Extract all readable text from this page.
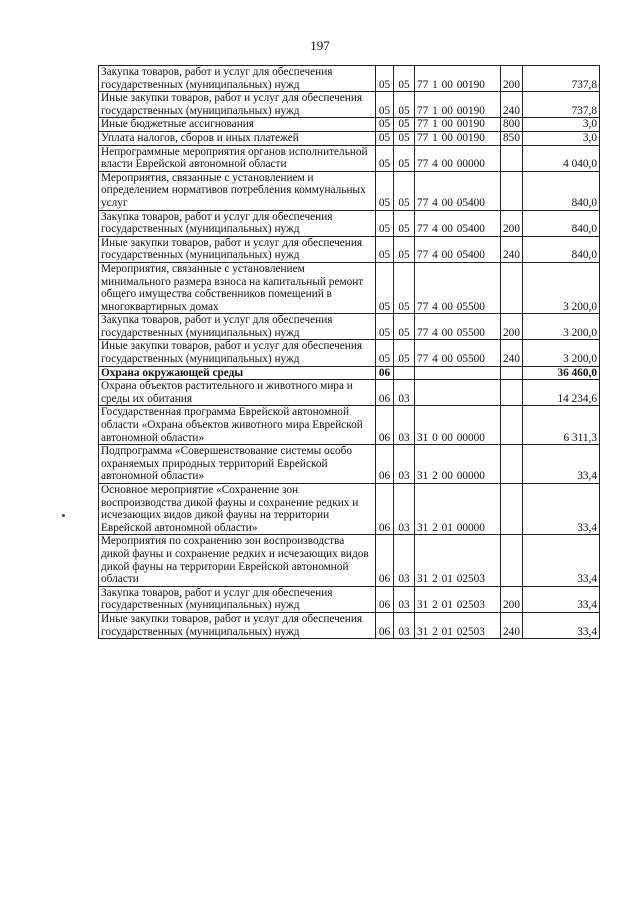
197
Закупка товаров, работ и услуг для обеспечения государственных (муниципальных) нужд	05	05	77 1 00 00190	200	737,8
Иные закупки товаров, работ и услуг для обеспечения государственных (муниципальных) нужд	05	05	77 1 00 00190	240	737,8
Иные бюджетные ассигнования	05	05	77 1 00 00190	800	3,0
Уплата налогов, сборов и иных платежей	05	05	77 1 00 00190	850	3,0
Непрограммные мероприятия органов исполнительной власти Еврейской автономной области	05	05	77 4 00 00000		4 040,0
Мероприятия, связанные с установлением и определением нормативов потребления коммунальных услуг	05	05	77 4 00 05400		840,0
Закупка товаров, работ и услуг для обеспечения государственных (муниципальных) нужд	05	05	77 4 00 05400	200	840,0
Иные закупки товаров, работ и услуг для обеспечения государственных (муниципальных) нужд	05	05	77 4 00 05400	240	840,0
Мероприятия, связанные с установлением минимального размера взноса на капитальный ремонт общего имущества собственников помещений в многоквартирных домах	05	05	77 4 00 05500		3 200,0
Закупка товаров, работ и услуг для обеспечения государственных (муниципальных) нужд	05	05	77 4 00 05500	200	3 200,0
Иные закупки товаров, работ и услуг для обеспечения государственных (муниципальных) нужд	05	05	77 4 00 05500	240	3 200,0
Охрана окружающей среды	06				36 460,0
Охрана объектов растительного и животного мира и среды их обитания	06	03			14 234,6
Государственная программа Еврейской автономной области «Охрана объектов животного мира Еврейской автономной области»	06	03	31 0 00 00000		6 311,3
Подпрограмма «Совершенствование системы особо охраняемых природных территорий Еврейской автономной области»	06	03	31 2 00 00000		33,4
Основное мероприятие «Сохранение зон воспроизводства дикой фауны и сохранение редких и исчезающих видов дикой фауны на территории Еврейской автономной области»	06	03	31 2 01 00000		33,4
Мероприятия по сохранению зон воспроизводства дикой фауны и сохранение редких и исчезающих видов дикой фауны на территории Еврейской автономной области	06	03	31 2 01 02503		33,4
Закупка товаров, работ и услуг для обеспечения государственных (муниципальных) нужд	06	03	31 2 01 02503	200	33,4
Иные закупки товаров, работ и услуг для обеспечения государственных (муниципальных) нужд	06	03	31 2 01 02503	240	33,4
